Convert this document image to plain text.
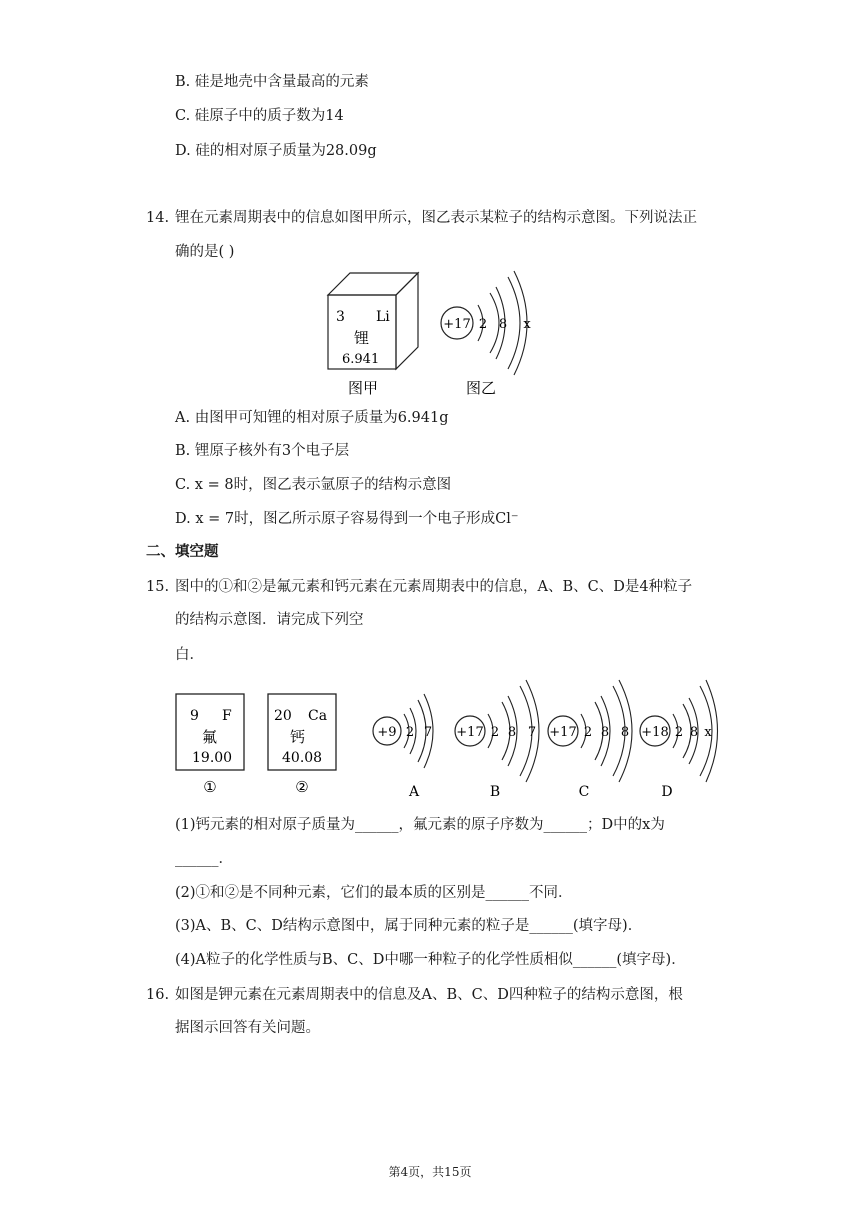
B. 硅是地壳中含量最高的元素
C. 硅原子中的质子数为14
D. 硅的相对原子质量为28.09g
14. 锂在元素周期表中的信息如图甲所示，图乙表示某粒子的结构示意图。下列说法正
确的是( )
3 Li
锂
6.941
图甲
+17 2 8 x
图乙
A. 由图甲可知锂的相对原子质量为6.941g
B. 锂原子核外有3个电子层
C. x = 8时，图乙表示氩原子的结构示意图
D. x = 7时，图乙所示原子容易得到一个电子形成Cl⁻
二、填空题
15. 图中的①和②是氟元素和钙元素在元素周期表中的信息，A、B、C、D是4种粒子
的结构示意图．请完成下列空
白．
9 F
氟
19.00
①
20 Ca
钙
40.08
②
+9 2 7
A
+17 2 8 7
B
+17 2 8 8
C
+18 2 8 x
D
(1)钙元素的相对原子质量为______，氟元素的原子序数为______；D中的x为
______．
(2)①和②是不同种元素，它们的最本质的区别是______不同．
(3)A、B、C、D结构示意图中，属于同种元素的粒子是______(填字母)．
(4)A粒子的化学性质与B、C、D中哪一种粒子的化学性质相似______(填字母)．
16. 如图是钾元素在元素周期表中的信息及A、B、C、D四种粒子的结构示意图，根
据图示回答有关问题。
第4页，共15页
